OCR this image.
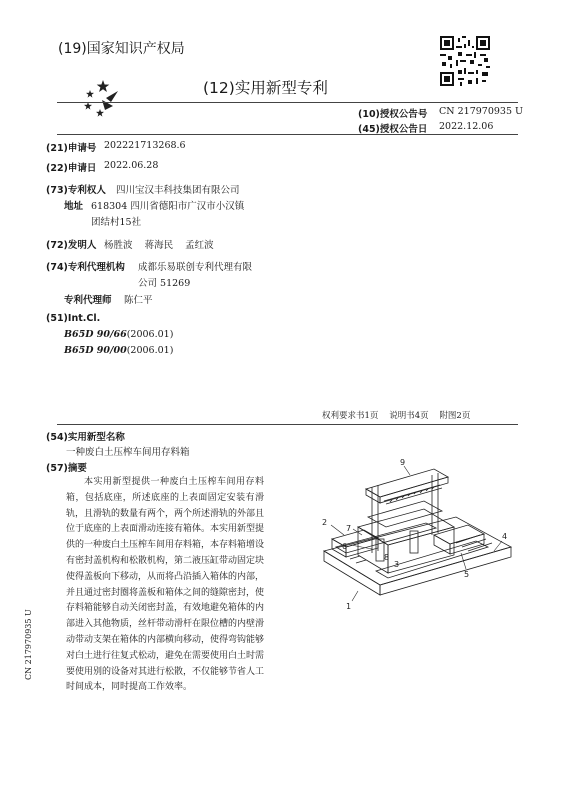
(19)国家知识产权局
(12)实用新型专利
(10)授权公告号 CN 217970935 U
(45)授权公告日 2022.12.06
(21)申请号 202221713268.6
(22)申请日 2022.06.28
(73)专利权人 四川宝汉丰科技集团有限公司
地址 618304 四川省德阳市广汉市小汉镇
团结村15社
(72)发明人 杨胜波    蒋海民    孟红波
(74)专利代理机构 成都乐易联创专利代理有限
公司 51269
专利代理师 陈仁平
(51)Int.Cl.
B65D 90/66(2006.01)
B65D 90/00(2006.01)
权利要求书1页    说明书4页    附图2页
(54)实用新型名称
一种废白土压榨车间用存料箱
(57)摘要
本实用新型提供一种废白土压榨车间用存料箱，包括底座，所述底座的上表面固定安装有滑轨，且滑轨的数量有两个，两个所述滑轨的外部且位于底座的上表面滑动连接有箱体。本实用新型提供的一种废白土压榨车间用存料箱，本存料箱增设有密封盖机构和松散机构，第二液压缸带动固定块使得盖板向下移动，从而将凸沿插入箱体的内部，并且通过密封圈将盖板和箱体之间的缝隙密封，使存料箱能够自动关闭密封盖，有效地避免箱体的内部进入其他物质，丝杆带动滑杆在限位槽的内壁滑动带动支架在箱体的内部横向移动，使得弯钩能够对白土进行往复式松动，避免在需要使用白土时需要使用别的设备对其进行松散，不仅能够节省人工时间成本，同时提高工作效率。
9
2
7
8
3
6
5
4
1
CN 217970935 U
